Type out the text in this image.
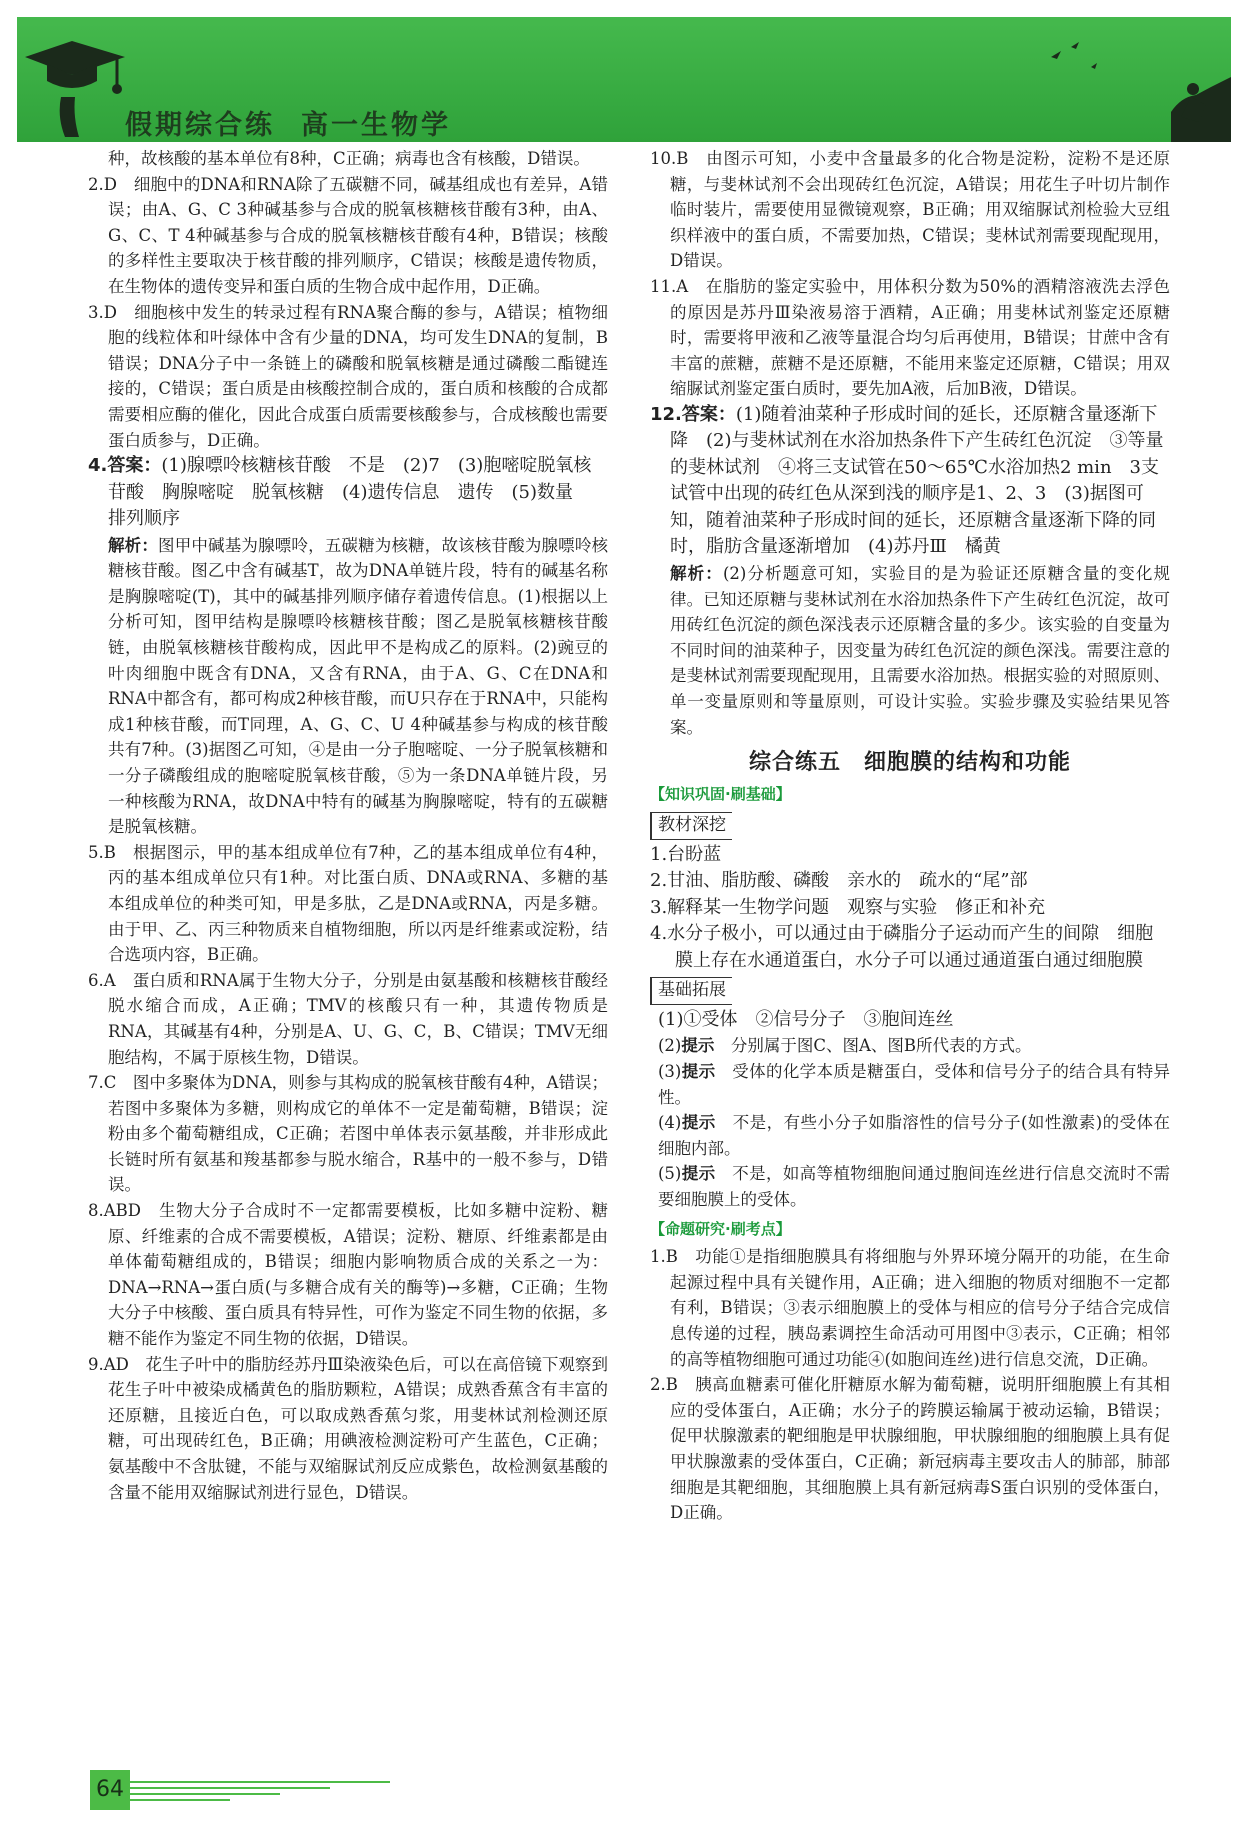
假期综合练 高一生物学

种，故核酸的基本单位有8种，C正确；病毒也含有核酸，D错误。

2.D　细胞中的DNA和RNA除了五碳糖不同，碱基组成也有差异，A错误；由A、G、C 3种碱基参与合成的脱氧核糖核苷酸有3种，由A、G、C、T 4种碱基参与合成的脱氧核糖核苷酸有4种，B错误；核酸的多样性主要取决于核苷酸的排列顺序，C错误；核酸是遗传物质，在生物体的遗传变异和蛋白质的生物合成中起作用，D正确。

3.D　细胞核中发生的转录过程有RNA聚合酶的参与，A错误；植物细胞的线粒体和叶绿体中含有少量的DNA，均可发生DNA的复制，B错误；DNA分子中一条链上的磷酸和脱氧核糖是通过磷酸二酯键连接的，C错误；蛋白质是由核酸控制合成的，蛋白质和核酸的合成都需要相应酶的催化，因此合成蛋白质需要核酸参与，合成核酸也需要蛋白质参与，D正确。

4.答案：(1)腺嘌呤核糖核苷酸　不是　(2)7　(3)胞嘧啶脱氧核苷酸　胸腺嘧啶　脱氧核糖　(4)遗传信息　遗传　(5)数量　排列顺序

解析：图甲中碱基为腺嘌呤，五碳糖为核糖，故该核苷酸为腺嘌呤核糖核苷酸。图乙中含有碱基T，故为DNA单链片段，特有的碱基名称是胸腺嘧啶(T)，其中的碱基排列顺序储存着遗传信息。(1)根据以上分析可知，图甲结构是腺嘌呤核糖核苷酸；图乙是脱氧核糖核苷酸链，由脱氧核糖核苷酸构成，因此甲不是构成乙的原料。(2)豌豆的叶肉细胞中既含有DNA，又含有RNA，由于A、G、C在DNA和RNA中都含有，都可构成2种核苷酸，而U只存在于RNA中，只能构成1种核苷酸，而T同理，A、G、C、U 4种碱基参与构成的核苷酸共有7种。(3)据图乙可知，④是由一分子胞嘧啶、一分子脱氧核糖和一分子磷酸组成的胞嘧啶脱氧核苷酸，⑤为一条DNA单链片段，另一种核酸为RNA，故DNA中特有的碱基为胸腺嘧啶，特有的五碳糖是脱氧核糖。

5.B　根据图示，甲的基本组成单位有7种，乙的基本组成单位有4种，丙的基本组成单位只有1种。对比蛋白质、DNA或RNA、多糖的基本组成单位的种类可知，甲是多肽，乙是DNA或RNA，丙是多糖。由于甲、乙、丙三种物质来自植物细胞，所以丙是纤维素或淀粉，结合选项内容，B正确。

6.A　蛋白质和RNA属于生物大分子，分别是由氨基酸和核糖核苷酸经脱水缩合而成，A正确；TMV的核酸只有一种，其遗传物质是RNA，其碱基有4种，分别是A、U、G、C，B、C错误；TMV无细胞结构，不属于原核生物，D错误。

7.C　图中多聚体为DNA，则参与其构成的脱氧核苷酸有4种，A错误；若图中多聚体为多糖，则构成它的单体不一定是葡萄糖，B错误；淀粉由多个葡萄糖组成，C正确；若图中单体表示氨基酸，并非形成此长链时所有氨基和羧基都参与脱水缩合，R基中的一般不参与，D错误。

8.ABD　生物大分子合成时不一定都需要模板，比如多糖中淀粉、糖原、纤维素的合成不需要模板，A错误；淀粉、糖原、纤维素都是由单体葡萄糖组成的，B错误；细胞内影响物质合成的关系之一为：DNA→RNA→蛋白质(与多糖合成有关的酶等)→多糖，C正确；生物大分子中核酸、蛋白质具有特异性，可作为鉴定不同生物的依据，多糖不能作为鉴定不同生物的依据，D错误。

9.AD　花生子叶中的脂肪经苏丹Ⅲ染液染色后，可以在高倍镜下观察到花生子叶中被染成橘黄色的脂肪颗粒，A错误；成熟香蕉含有丰富的还原糖，且接近白色，可以取成熟香蕉匀浆，用斐林试剂检测还原糖，可出现砖红色，B正确；用碘液检测淀粉可产生蓝色，C正确；氨基酸中不含肽键，不能与双缩脲试剂反应成紫色，故检测氨基酸的含量不能用双缩脲试剂进行显色，D错误。

10.B　由图示可知，小麦中含量最多的化合物是淀粉，淀粉不是还原糖，与斐林试剂不会出现砖红色沉淀，A错误；用花生子叶切片制作临时装片，需要使用显微镜观察，B正确；用双缩脲试剂检验大豆组织样液中的蛋白质，不需要加热，C错误；斐林试剂需要现配现用，D错误。

11.A　在脂肪的鉴定实验中，用体积分数为50%的酒精溶液洗去浮色的原因是苏丹Ⅲ染液易溶于酒精，A正确；用斐林试剂鉴定还原糖时，需要将甲液和乙液等量混合均匀后再使用，B错误；甘蔗中含有丰富的蔗糖，蔗糖不是还原糖，不能用来鉴定还原糖，C错误；用双缩脲试剂鉴定蛋白质时，要先加A液，后加B液，D错误。

12.答案：(1)随着油菜种子形成时间的延长，还原糖含量逐渐下降　(2)与斐林试剂在水浴加热条件下产生砖红色沉淀　③等量的斐林试剂　④将三支试管在50～65℃水浴加热2 min　3支试管中出现的砖红色从深到浅的顺序是1、2、3　(3)据图可知，随着油菜种子形成时间的延长，还原糖含量逐渐下降的同时，脂肪含量逐渐增加　(4)苏丹Ⅲ　橘黄

解析：(2)分析题意可知，实验目的是为验证还原糖含量的变化规律。已知还原糖与斐林试剂在水浴加热条件下产生砖红色沉淀，故可用砖红色沉淀的颜色深浅表示还原糖含量的多少。该实验的自变量为不同时间的油菜种子，因变量为砖红色沉淀的颜色深浅。需要注意的是斐林试剂需要现配现用，且需要水浴加热。根据实验的对照原则、单一变量原则和等量原则，可设计实验。实验步骤及实验结果见答案。

综合练五　细胞膜的结构和功能
【知识巩固·刷基础】
教材深挖

1.台盼蓝

2.甘油、脂肪酸、磷酸　亲水的　疏水的“尾”部

3.解释某一生物学问题　观察与实验　修正和补充

4.水分子极小，可以通过由于磷脂分子运动而产生的间隙　细胞膜上存在水通道蛋白，水分子可以通过通道蛋白通过细胞膜

基础拓展

(1)①受体　②信号分子　③胞间连丝

(2)提示　分别属于图C、图A、图B所代表的方式。

(3)提示　受体的化学本质是糖蛋白，受体和信号分子的结合具有特异性。

(4)提示　不是，有些小分子如脂溶性的信号分子(如性激素)的受体在细胞内部。

(5)提示　不是，如高等植物细胞间通过胞间连丝进行信息交流时不需要细胞膜上的受体。

【命题研究·刷考点】

1.B　功能①是指细胞膜具有将细胞与外界环境分隔开的功能，在生命起源过程中具有关键作用，A正确；进入细胞的物质对细胞不一定都有利，B错误；③表示细胞膜上的受体与相应的信号分子结合完成信息传递的过程，胰岛素调控生命活动可用图中③表示，C正确；相邻的高等植物细胞可通过功能④(如胞间连丝)进行信息交流，D正确。

2.B　胰高血糖素可催化肝糖原水解为葡萄糖，说明肝细胞膜上有其相应的受体蛋白，A正确；水分子的跨膜运输属于被动运输，B错误；促甲状腺激素的靶细胞是甲状腺细胞，甲状腺细胞的细胞膜上具有促甲状腺激素的受体蛋白，C正确；新冠病毒主要攻击人的肺部，肺部细胞是其靶细胞，其细胞膜上具有新冠病毒S蛋白识别的受体蛋白，D正确。

64
